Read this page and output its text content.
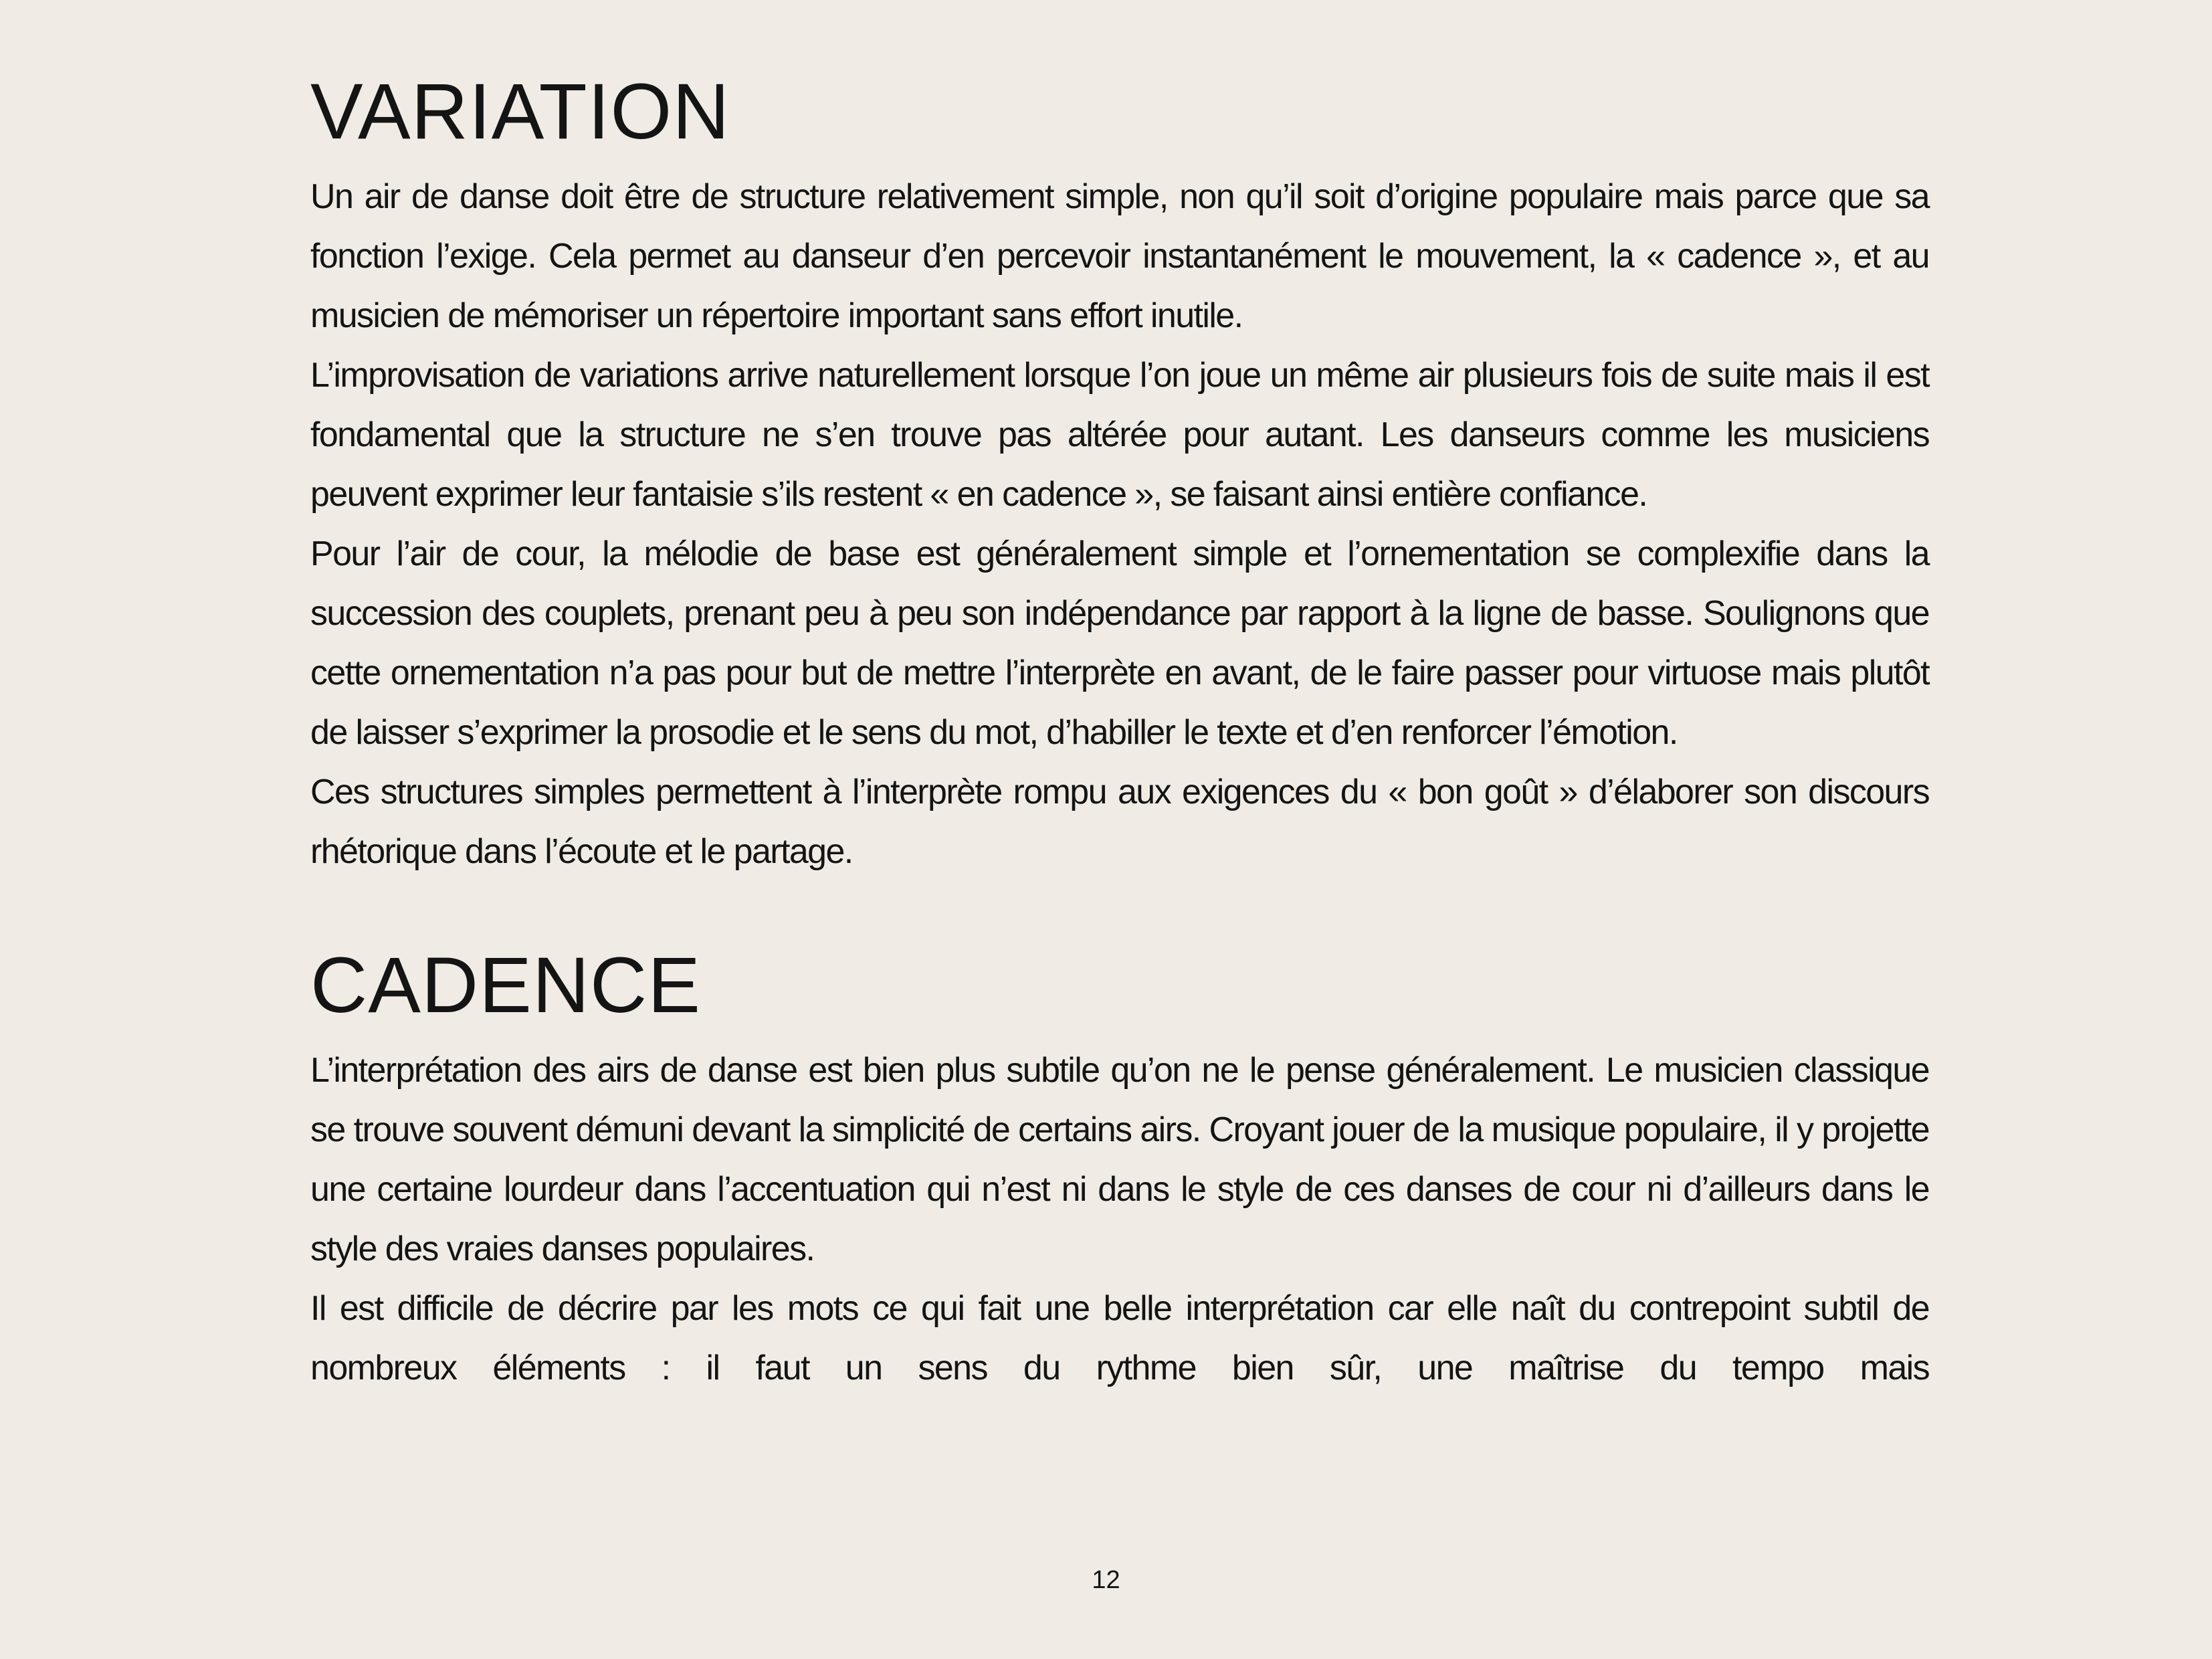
VARIATION

Un air de danse doit être de structure relativement simple, non qu’il soit d’origine populaire mais parce que sa fonction l’exige. Cela permet au danseur d’en percevoir instantanément le mouvement, la « cadence », et au musicien de mémoriser un répertoire important sans effort inutile.

L’improvisation de variations arrive naturellement lorsque l’on joue un même air plusieurs fois de suite mais il est fondamental que la structure ne s’en trouve pas altérée pour autant. Les danseurs comme les musiciens peuvent exprimer leur fantaisie s’ils restent « en cadence », se faisant ainsi entière confiance.

Pour l’air de cour, la mélodie de base est généralement simple et l’ornementation se complexifie dans la succession des couplets, prenant peu à peu son indépendance par rapport à la ligne de basse. Soulignons que cette ornementation n’a pas pour but de mettre l’interprète en avant, de le faire passer pour virtuose mais plutôt de laisser s’exprimer la prosodie et le sens du mot, d’habiller le texte et d’en renforcer l’émotion.

Ces structures simples permettent à l’interprète rompu aux exigences du « bon goût » d’élaborer son discours rhétorique dans l’écoute et le partage.

CADENCE

L’interprétation des airs de danse est bien plus subtile qu’on ne le pense généralement. Le musicien classique se trouve souvent démuni devant la simplicité de certains airs. Croyant jouer de la musique populaire, il y projette une certaine lourdeur dans l’accentuation qui n’est ni dans le style de ces danses de cour ni d’ailleurs dans le style des vraies danses populaires.

Il est difficile de décrire par les mots ce qui fait une belle interprétation car elle naît du contrepoint subtil de nombreux éléments : il faut un sens du rythme bien sûr, une maîtrise du tempo mais

12
